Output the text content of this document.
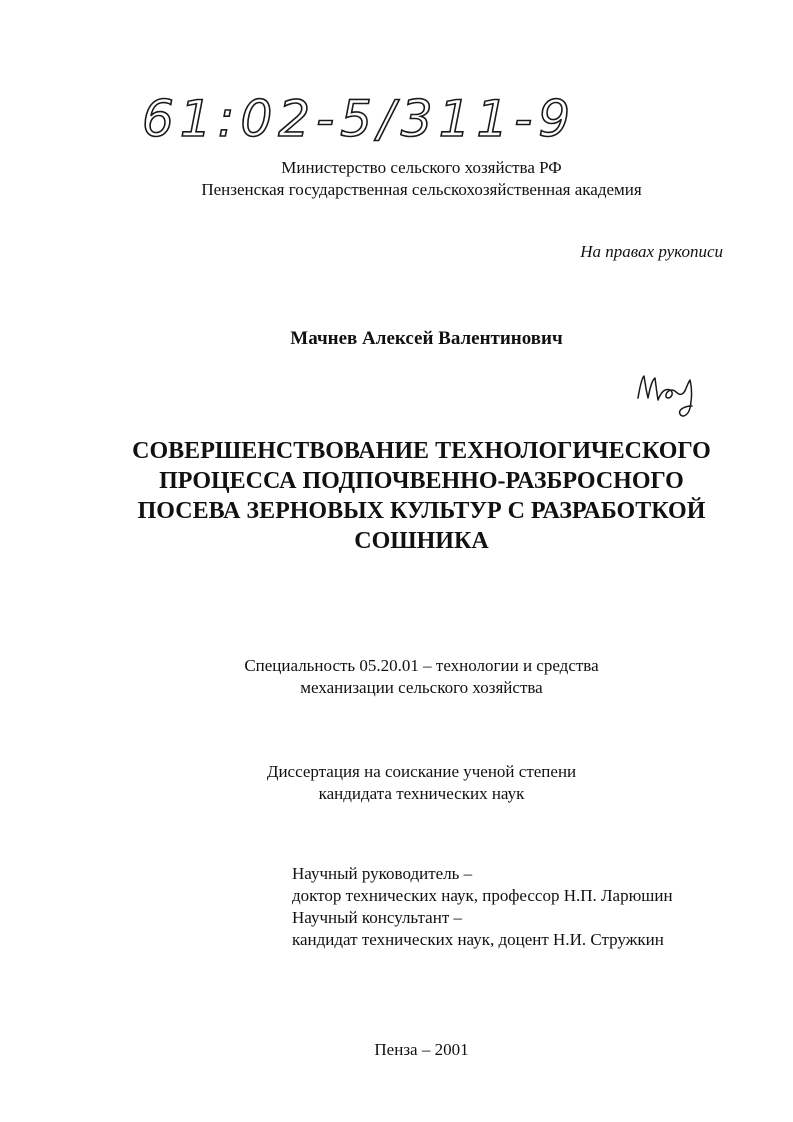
61:02-5/311-9
Министерство сельского хозяйства РФ
Пензенская государственная сельскохозяйственная академия
На правах рукописи
Мачнев Алексей Валентинович
Мач
СОВЕРШЕНСТВОВАНИЕ ТЕХНОЛОГИЧЕСКОГО
ПРОЦЕССА ПОДПОЧВЕННО-РАЗБРОСНОГО
ПОСЕВА ЗЕРНОВЫХ КУЛЬТУР С РАЗРАБОТКОЙ
СОШНИКА
Специальность 05.20.01 – технологии и средства
механизации сельского хозяйства
Диссертация на соискание ученой степени
кандидата технических наук
Научный руководитель –
доктор технических наук, профессор Н.П. Ларюшин
Научный консультант –
кандидат технических наук, доцент Н.И. Стружкин
Пенза – 2001
